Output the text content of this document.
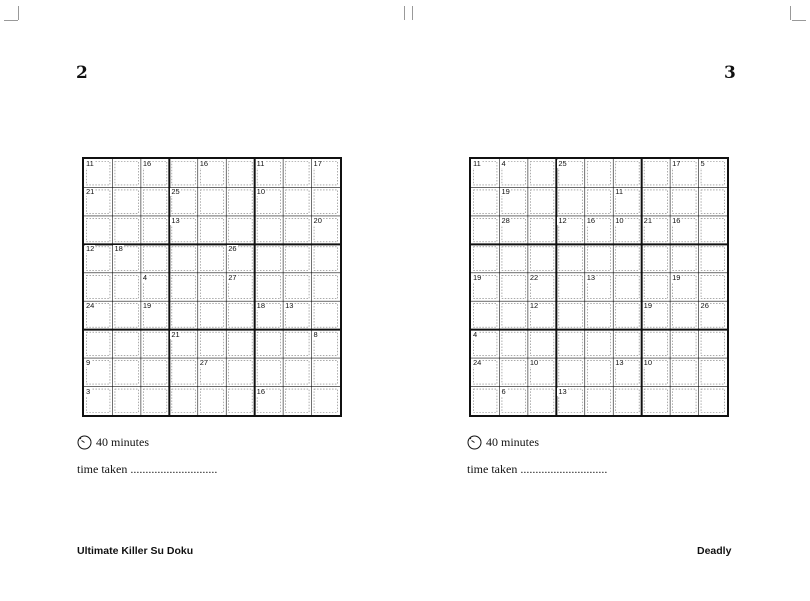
2
11	16	16	11	17
21	25	10
13	20
12	18	26
4	27
24	19	18	13
21	8
9	27
3	16
40 minutes
time taken .............................
Ultimate Killer Su Doku
3
11	4	25	17	5
19	11
28	12	16	10	21	16
19	22	13	19
12	19	26
4
24	10	13	10
6	13
40 minutes
time taken .............................
Deadly
